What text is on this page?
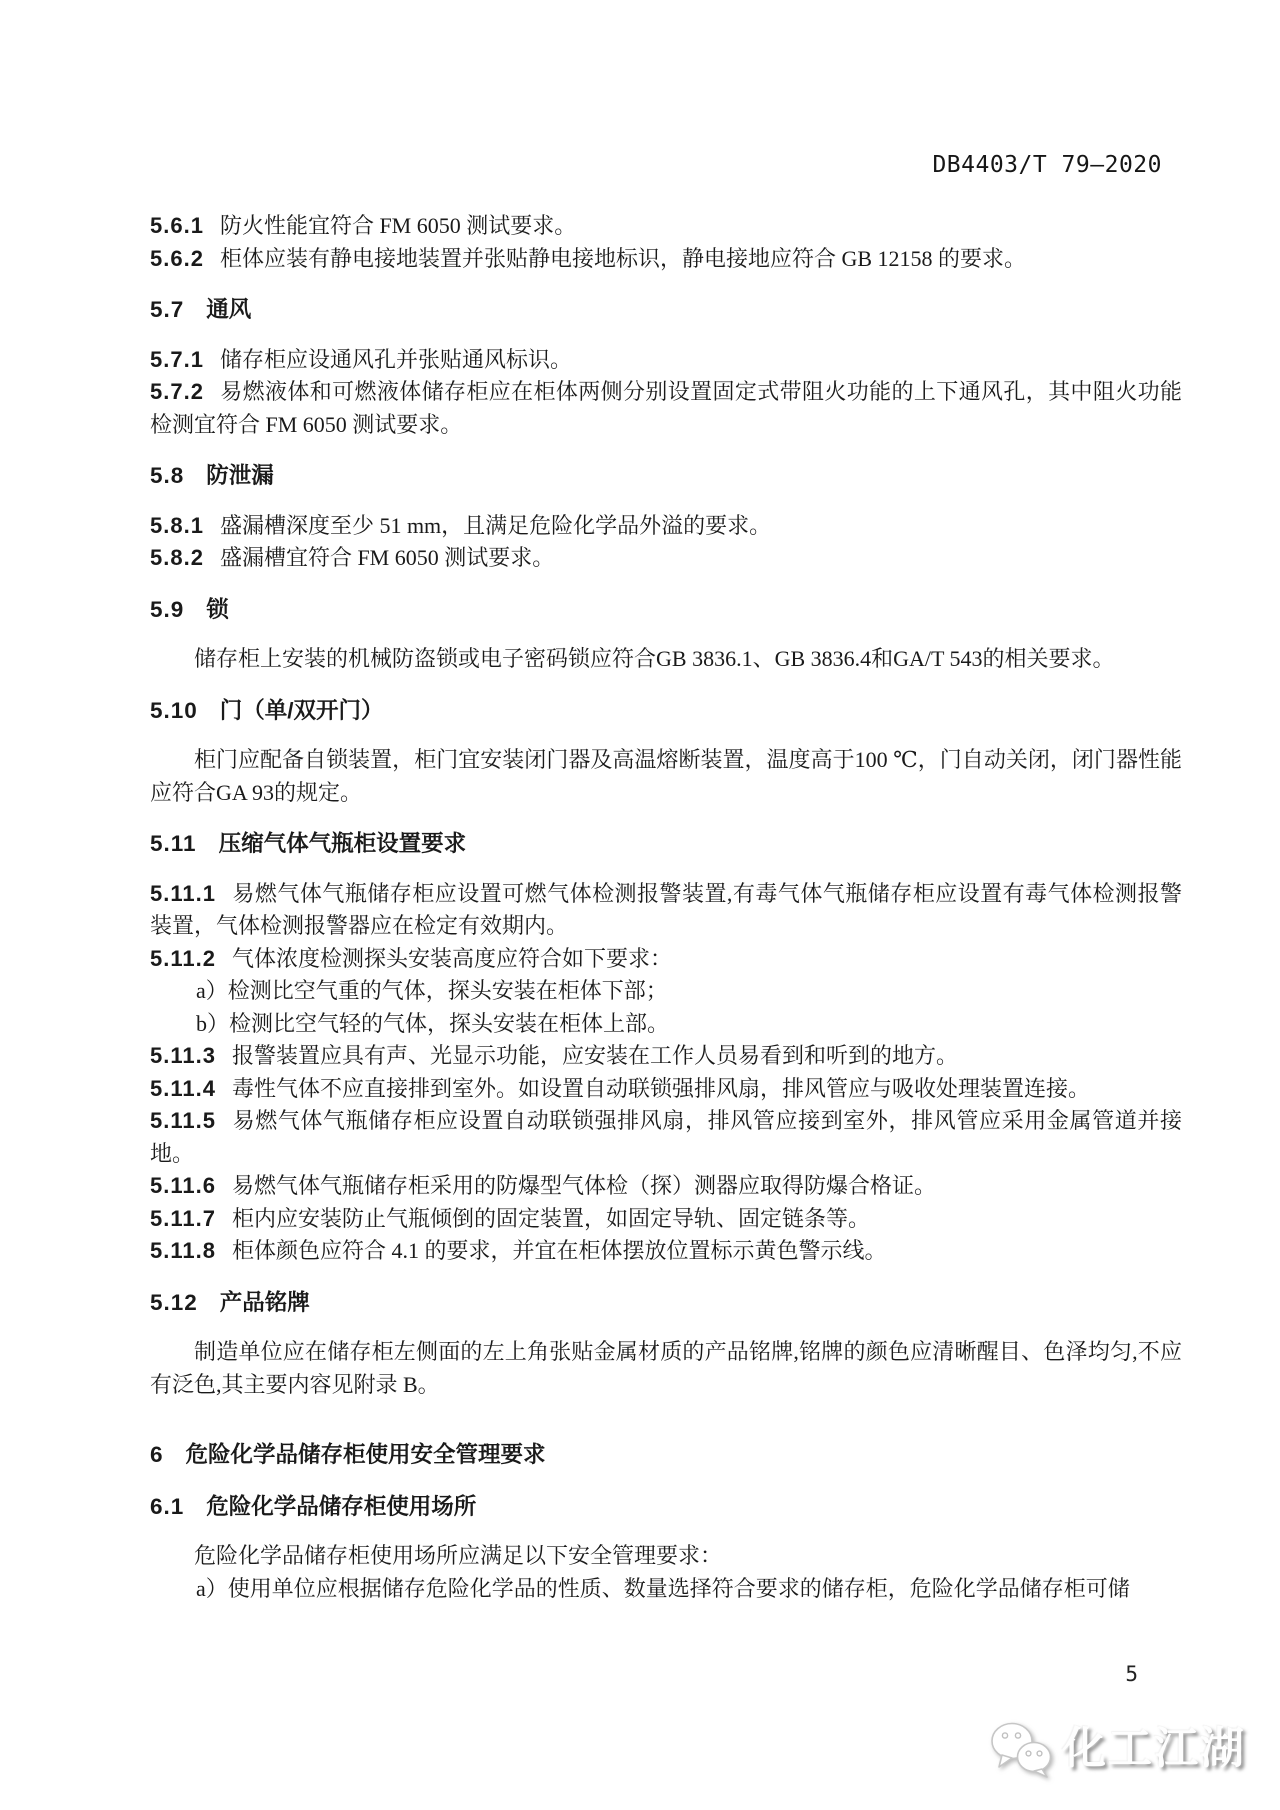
DB4403/T 79—2020
5.6.1 防火性能宜符合 FM 6050 测试要求。
5.6.2 柜体应装有静电接地装置并张贴静电接地标识，静电接地应符合 GB 12158 的要求。
5.7 通风
5.7.1 储存柜应设通风孔并张贴通风标识。
5.7.2 易燃液体和可燃液体储存柜应在柜体两侧分别设置固定式带阻火功能的上下通风孔，其中阻火功能检测宜符合 FM 6050 测试要求。
5.8 防泄漏
5.8.1 盛漏槽深度至少 51 mm，且满足危险化学品外溢的要求。
5.8.2 盛漏槽宜符合 FM 6050 测试要求。
5.9 锁
储存柜上安装的机械防盗锁或电子密码锁应符合GB 3836.1、GB 3836.4和GA/T 543的相关要求。
5.10 门（单/双开门）
柜门应配备自锁装置，柜门宜安装闭门器及高温熔断装置，温度高于100 ℃，门自动关闭，闭门器性能应符合GA 93的规定。
5.11 压缩气体气瓶柜设置要求
5.11.1 易燃气体气瓶储存柜应设置可燃气体检测报警装置,有毒气体气瓶储存柜应设置有毒气体检测报警装置，气体检测报警器应在检定有效期内。
5.11.2 气体浓度检测探头安装高度应符合如下要求：
a）检测比空气重的气体，探头安装在柜体下部；
b）检测比空气轻的气体，探头安装在柜体上部。
5.11.3 报警装置应具有声、光显示功能，应安装在工作人员易看到和听到的地方。
5.11.4 毒性气体不应直接排到室外。如设置自动联锁强排风扇，排风管应与吸收处理装置连接。
5.11.5 易燃气体气瓶储存柜应设置自动联锁强排风扇，排风管应接到室外，排风管应采用金属管道并接地。
5.11.6 易燃气体气瓶储存柜采用的防爆型气体检（探）测器应取得防爆合格证。
5.11.7 柜内应安装防止气瓶倾倒的固定装置，如固定导轨、固定链条等。
5.11.8 柜体颜色应符合 4.1 的要求，并宜在柜体摆放位置标示黄色警示线。
5.12 产品铭牌
制造单位应在储存柜左侧面的左上角张贴金属材质的产品铭牌,铭牌的颜色应清晰醒目、色泽均匀,不应有泛色,其主要内容见附录 B。
6 危险化学品储存柜使用安全管理要求
6.1 危险化学品储存柜使用场所
危险化学品储存柜使用场所应满足以下安全管理要求：
a）使用单位应根据储存危险化学品的性质、数量选择符合要求的储存柜，危险化学品储存柜可储
5
化工江湖
